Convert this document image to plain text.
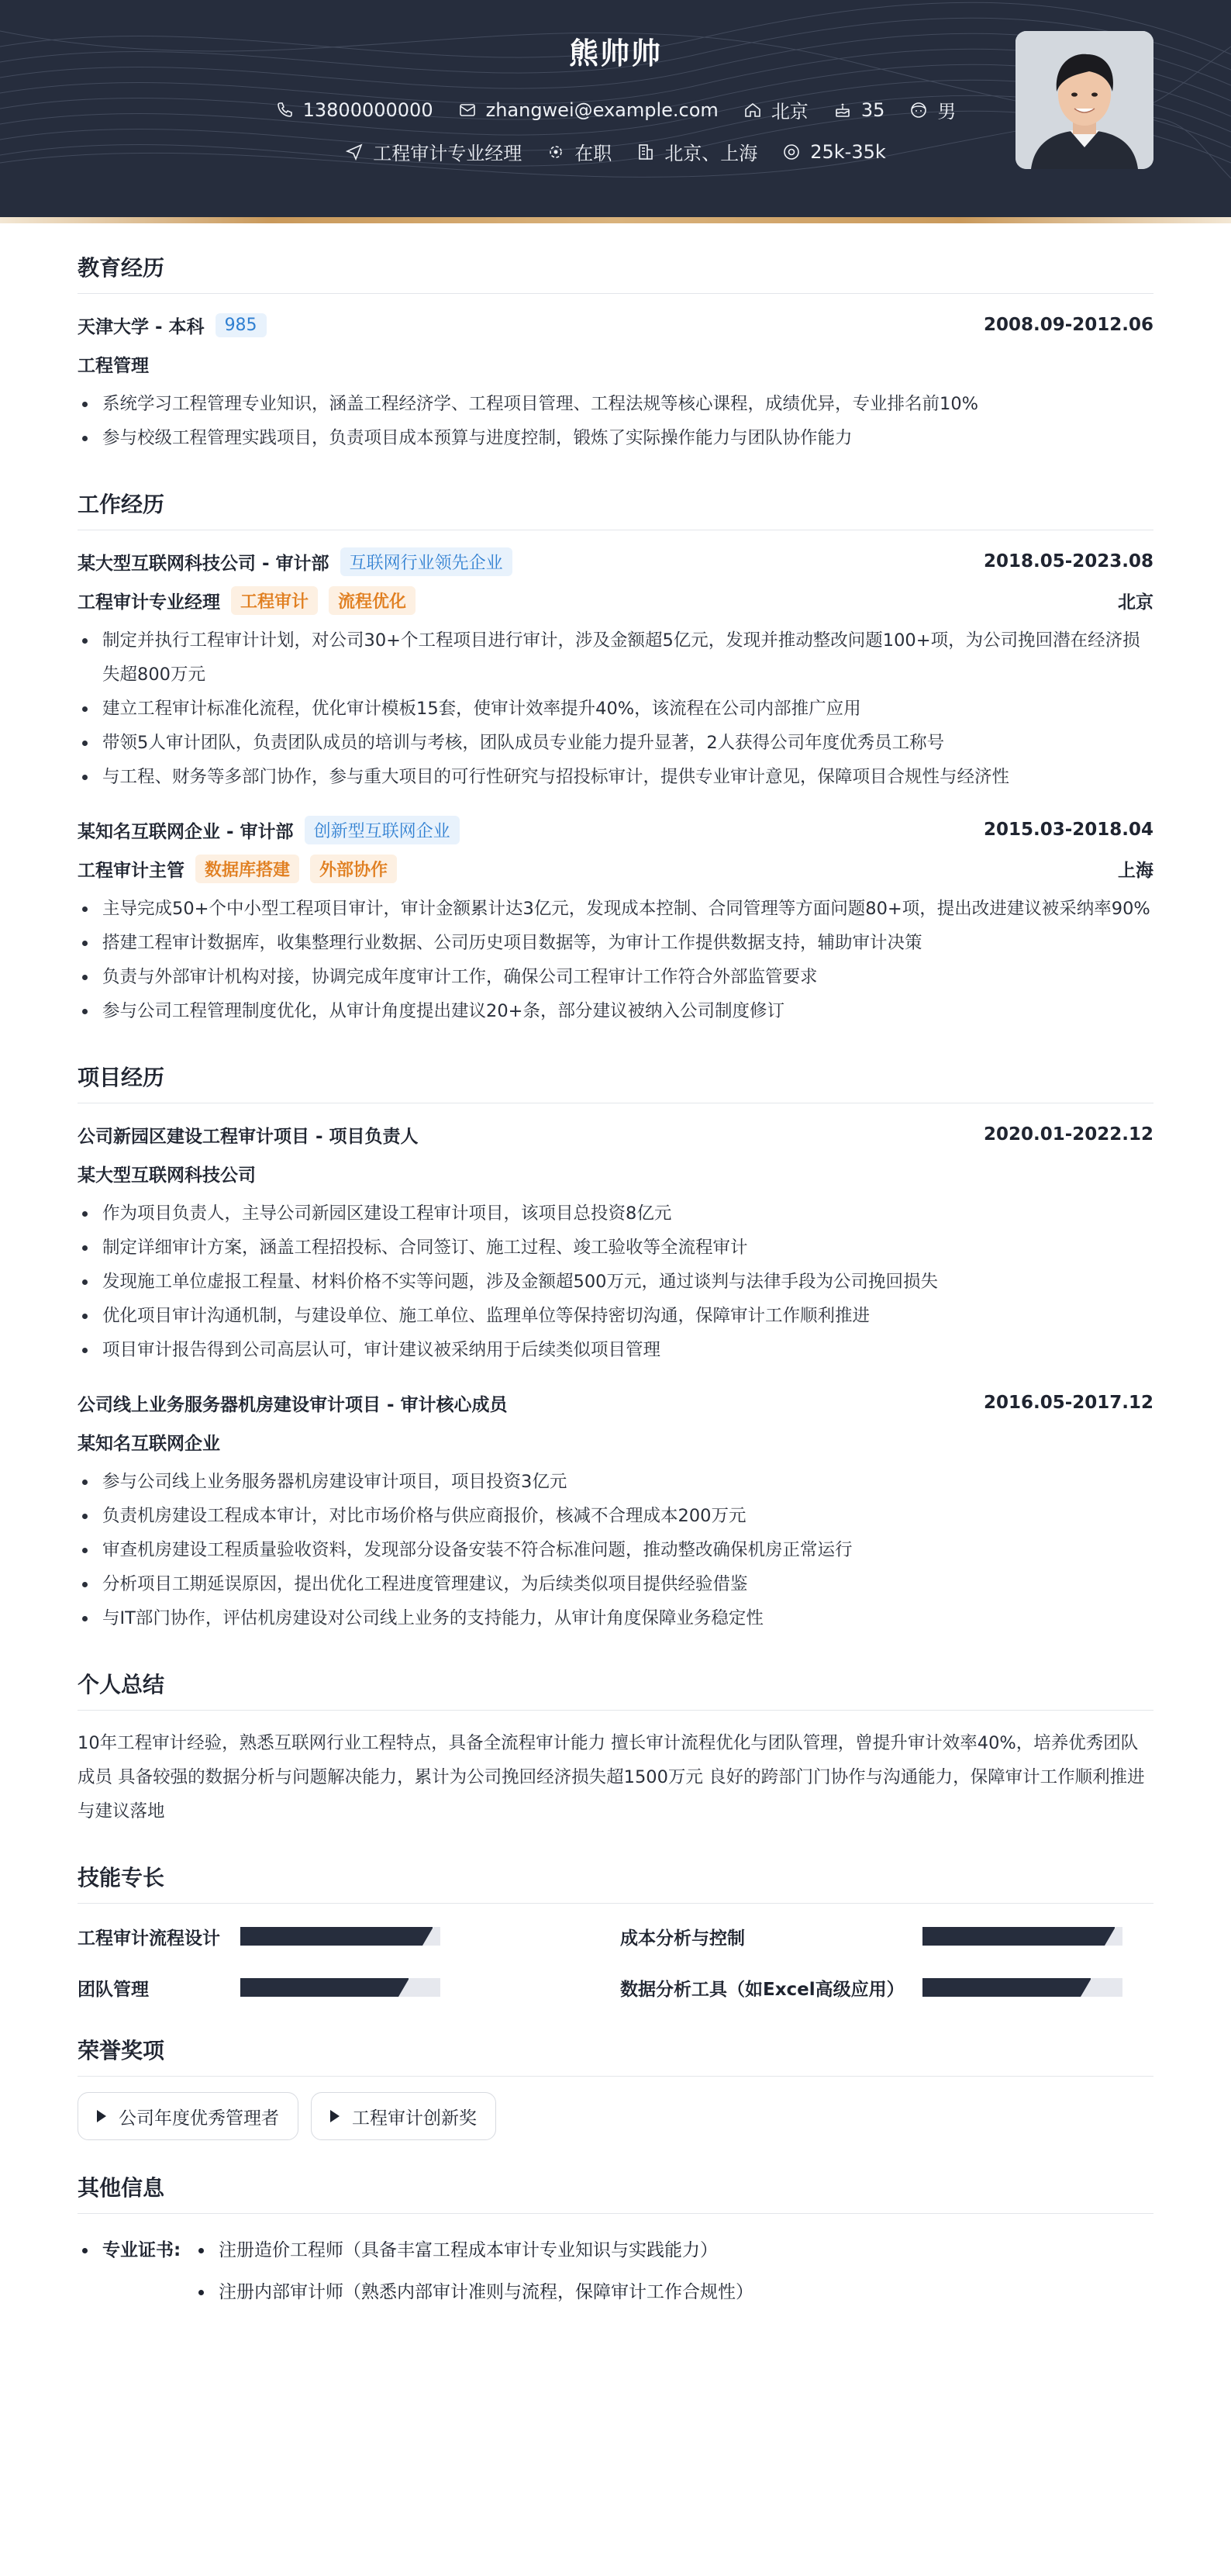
熊帅帅
13800000000	zhangwei@example.com	北京	35	男
工程审计专业经理	在职	北京、上海	25k-35k
教育经历
天津大学 - 本科	985	2008.09-2012.06
工程管理
系统学习工程管理专业知识，涵盖工程经济学、工程项目管理、工程法规等核心课程，成绩优异，专业排名前10%
参与校级工程管理实践项目，负责项目成本预算与进度控制，锻炼了实际操作能力与团队协作能力
工作经历
某大型互联网科技公司 - 审计部	互联网行业领先企业	2018.05-2023.08
工程审计专业经理	工程审计	流程优化	北京
制定并执行工程审计计划，对公司30+个工程项目进行审计，涉及金额超5亿元，发现并推动整改问题100+项，为公司挽回潜在经济损失超800万元
建立工程审计标准化流程，优化审计模板15套，使审计效率提升40%，该流程在公司内部推广应用
带领5人审计团队，负责团队成员的培训与考核，团队成员专业能力提升显著，2人获得公司年度优秀员工称号
与工程、财务等多部门协作，参与重大项目的可行性研究与招投标审计，提供专业审计意见，保障项目合规性与经济性
某知名互联网企业 - 审计部	创新型互联网企业	2015.03-2018.04
工程审计主管	数据库搭建	外部协作	上海
主导完成50+个中小型工程项目审计，审计金额累计达3亿元，发现成本控制、合同管理等方面问题80+项，提出改进建议被采纳率90%
搭建工程审计数据库，收集整理行业数据、公司历史项目数据等，为审计工作提供数据支持，辅助审计决策
负责与外部审计机构对接，协调完成年度审计工作，确保公司工程审计工作符合外部监管要求
参与公司工程管理制度优化，从审计角度提出建议20+条，部分建议被纳入公司制度修订
项目经历
公司新园区建设工程审计项目 - 项目负责人	2020.01-2022.12
某大型互联网科技公司
作为项目负责人，主导公司新园区建设工程审计项目，该项目总投资8亿元
制定详细审计方案，涵盖工程招投标、合同签订、施工过程、竣工验收等全流程审计
发现施工单位虚报工程量、材料价格不实等问题，涉及金额超500万元，通过谈判与法律手段为公司挽回损失
优化项目审计沟通机制，与建设单位、施工单位、监理单位等保持密切沟通，保障审计工作顺利推进
项目审计报告得到公司高层认可，审计建议被采纳用于后续类似项目管理
公司线上业务服务器机房建设审计项目 - 审计核心成员	2016.05-2017.12
某知名互联网企业
参与公司线上业务服务器机房建设审计项目，项目投资3亿元
负责机房建设工程成本审计，对比市场价格与供应商报价，核减不合理成本200万元
审查机房建设工程质量验收资料，发现部分设备安装不符合标准问题，推动整改确保机房正常运行
分析项目工期延误原因，提出优化工程进度管理建议，为后续类似项目提供经验借鉴
与IT部门协作，评估机房建设对公司线上业务的支持能力，从审计角度保障业务稳定性
个人总结
10年工程审计经验，熟悉互联网行业工程特点，具备全流程审计能力 擅长审计流程优化与团队管理，曾提升审计效率40%，培养优秀团队成员 具备较强的数据分析与问题解决能力，累计为公司挽回经济损失超1500万元 良好的跨部门门协作与沟通能力，保障审计工作顺利推进与建议落地
技能专长
工程审计流程设计	成本分析与控制
团队管理	数据分析工具（如Excel高级应用）
荣誉奖项
公司年度优秀管理者	工程审计创新奖
其他信息
专业证书:	注册造价工程师（具备丰富工程成本审计专业知识与实践能力）
注册内部审计师（熟悉内部审计准则与流程，保障审计工作合规性）
